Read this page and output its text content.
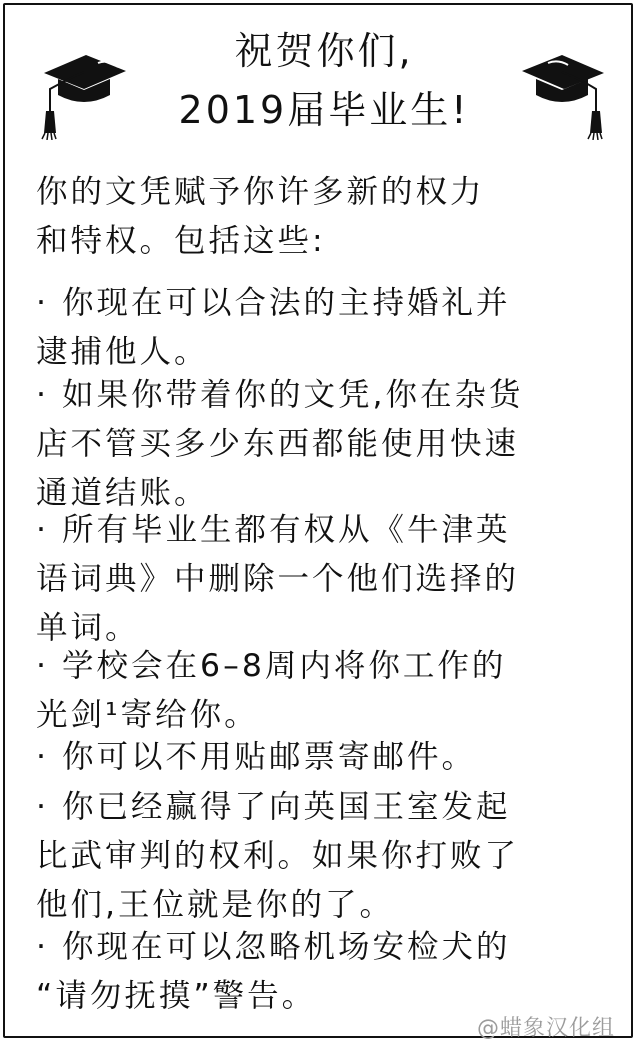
祝贺你们,
2019届毕业生!
你的文凭赋予你许多新的权力
和特权。包括这些:
· 你现在可以合法的主持婚礼并
逮捕他人。
· 如果你带着你的文凭,你在杂货
店不管买多少东西都能使用快速
通道结账。
· 所有毕业生都有权从《牛津英
语词典》中删除一个他们选择的
单词。
· 学校会在6–8周内将你工作的
光剑¹寄给你。
· 你可以不用贴邮票寄邮件。
· 你已经赢得了向英国王室发起
比武审判的权利。如果你打败了
他们,王位就是你的了。
· 你现在可以忽略机场安检犬的
“请勿抚摸”警告。
@蜡象汉化组
